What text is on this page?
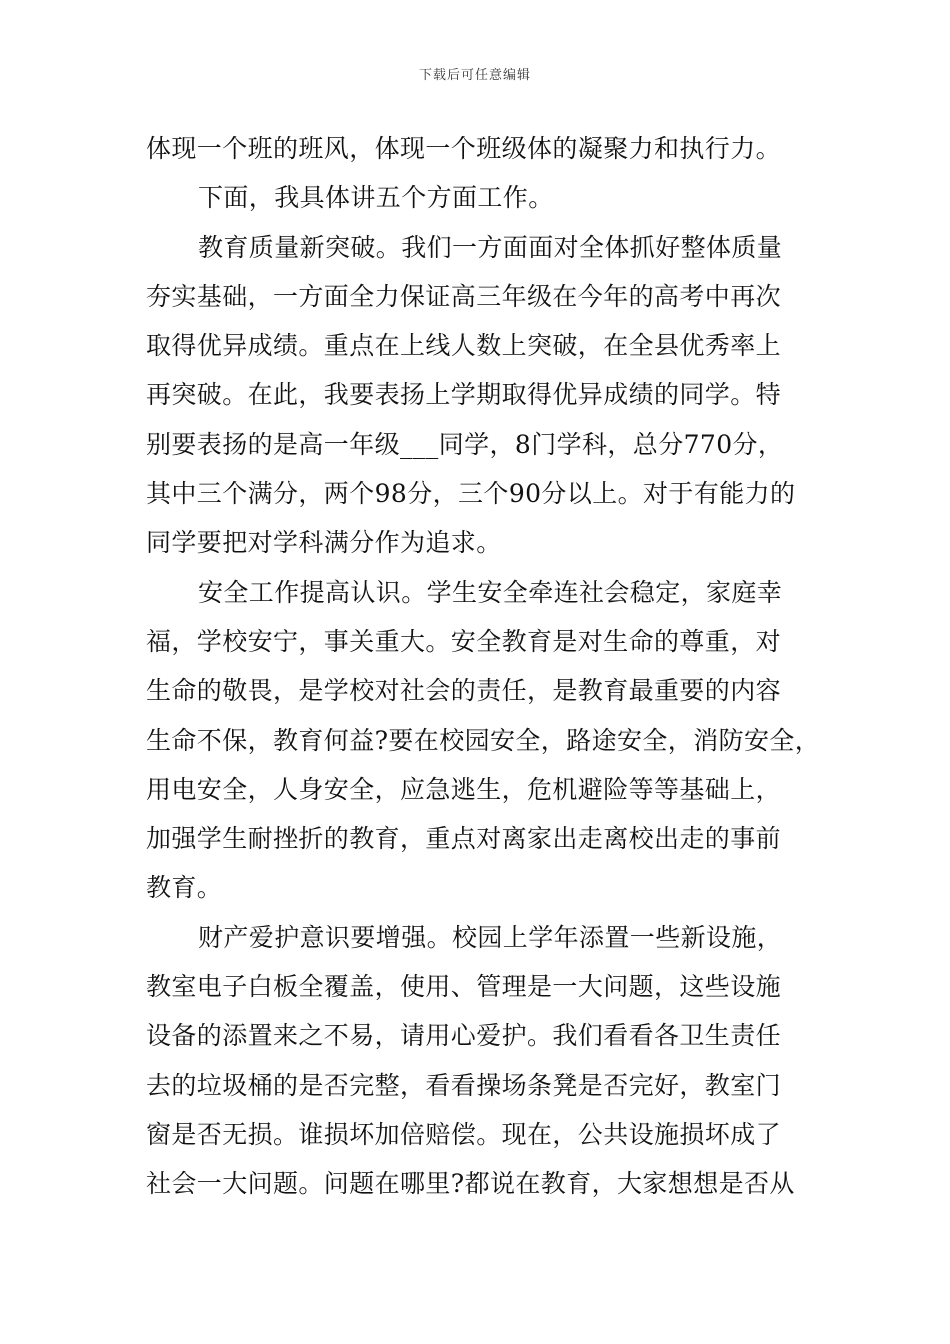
下载后可任意编辑
体现一个班的班风，体现一个班级体的凝聚力和执行力。
下面，我具体讲五个方面工作。
教育质量新突破。我们一方面面对全体抓好整体质量
夯实基础，一方面全力保证高三年级在今年的高考中再次
取得优异成绩。重点在上线人数上突破，在全县优秀率上
再突破。在此，我要表扬上学期取得优异成绩的同学。特
别要表扬的是高一年级___同学，8门学科，总分770分，
其中三个满分，两个98分，三个90分以上。对于有能力的
同学要把对学科满分作为追求。
安全工作提高认识。学生安全牵连社会稳定，家庭幸
福，学校安宁，事关重大。安全教育是对生命的尊重，对
生命的敬畏，是学校对社会的责任，是教育最重要的内容
生命不保，教育何益?要在校园安全，路途安全，消防安全，
用电安全，人身安全，应急逃生，危机避险等等基础上，
加强学生耐挫折的教育，重点对离家出走离校出走的事前
教育。
财产爱护意识要增强。校园上学年添置一些新设施，
教室电子白板全覆盖，使用、管理是一大问题，这些设施
设备的添置来之不易，请用心爱护。我们看看各卫生责任
去的垃圾桶的是否完整，看看操场条凳是否完好，教室门
窗是否无损。谁损坏加倍赔偿。现在，公共设施损坏成了
社会一大问题。问题在哪里?都说在教育，大家想想是否从
